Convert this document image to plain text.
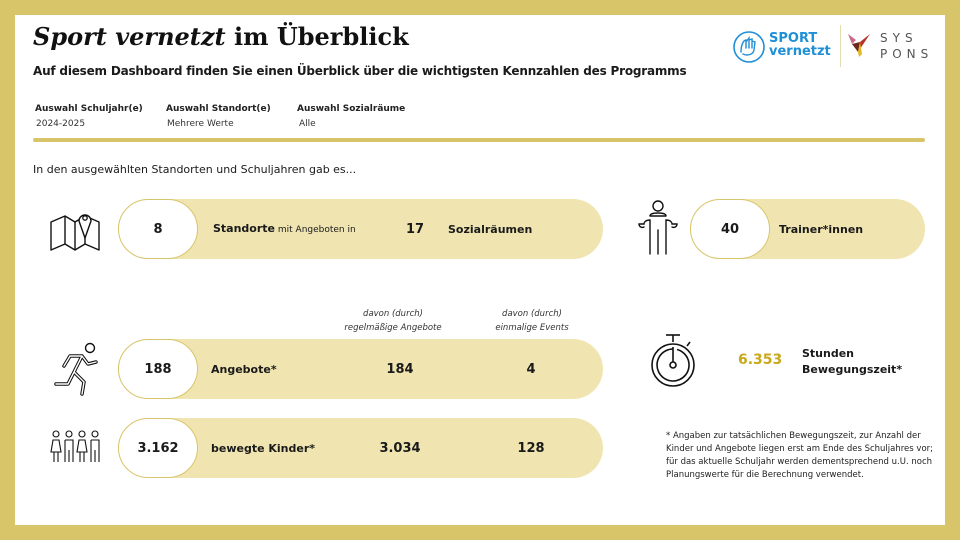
Sport vernetzt im Überblick
Auf diesem Dashboard finden Sie einen Überblick über die wichtigsten Kennzahlen des Programms
SPORT
vernetzt
SYS
PONS
Auswahl Schuljahr(e)
2024-2025
Auswahl Standort(e)
Mehrere Werte
Auswahl Sozialräume
Alle
In den ausgewählten Standorten und Schuljahren gab es...
8	Standorte mit Angeboten in	17 Sozialräumen	40	Trainer*innen
davon (durch)
regelmäßige Angebote
davon (durch)
einmalige Events
188	Angebote*	184	4
6.353 Stunden
Bewegungszeit*
3.162	bewegte Kinder*	3.034	128
* Angaben zur tatsächlichen Bewegungszeit, zur Anzahl der Kinder und Angebote liegen erst am Ende des Schuljahres vor; für das aktuelle Schuljahr werden dementsprechend u.U. noch Planungswerte für die Berechnung verwendet.
